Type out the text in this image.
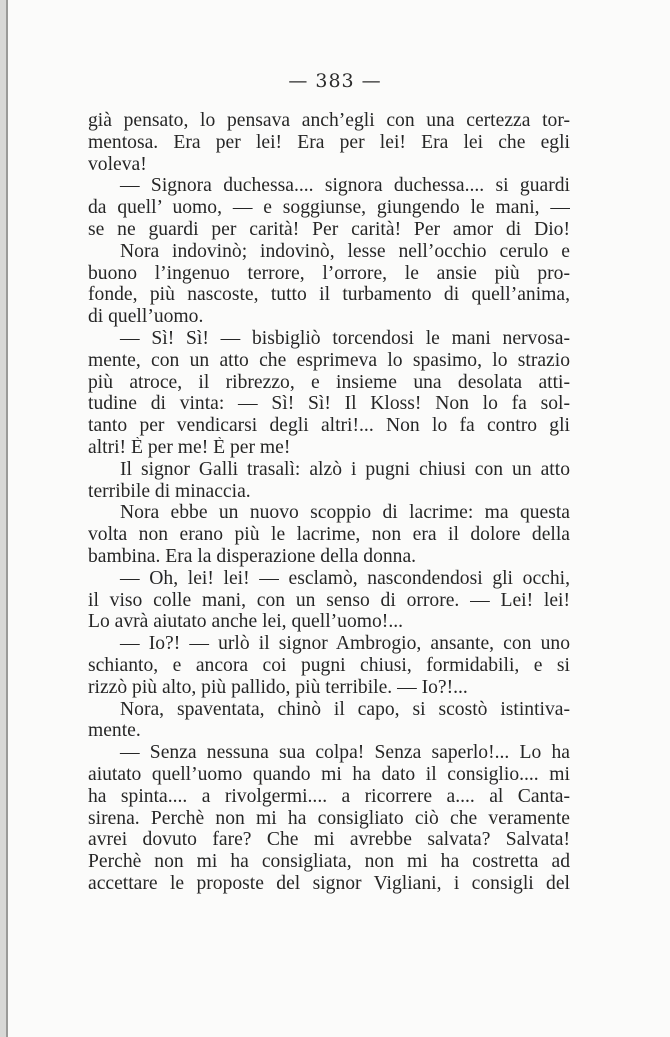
— 383 —
già pensato, lo pensava anch’egli con una certezza tor-
mentosa. Era per lei! Era per lei! Era lei che egli
voleva!
— Signora duchessa.... signora duchessa.... si guardi
da quell’ uomo, — e soggiunse, giungendo le mani, —
se ne guardi per carità! Per carità! Per amor di Dio!
Nora indovinò; indovinò, lesse nell’occhio cerulo e
buono l’ingenuo terrore, l’orrore, le ansie più pro-
fonde, più nascoste, tutto il turbamento di quell’anima,
di quell’uomo.
— Sì! Sì! — bisbigliò torcendosi le mani nervosa-
mente, con un atto che esprimeva lo spasimo, lo strazio
più atroce, il ribrezzo, e insieme una desolata atti-
tudine di vinta: — Sì! Sì! Il Kloss! Non lo fa sol-
tanto per vendicarsi degli altri!... Non lo fa contro gli
altri! È per me! È per me!
Il signor Galli trasalì: alzò i pugni chiusi con un atto
terribile di minaccia.
Nora ebbe un nuovo scoppio di lacrime: ma questa
volta non erano più le lacrime, non era il dolore della
bambina. Era la disperazione della donna.
— Oh, lei! lei! — esclamò, nascondendosi gli occhi,
il viso colle mani, con un senso di orrore. — Lei! lei!
Lo avrà aiutato anche lei, quell’uomo!...
— Io?! — urlò il signor Ambrogio, ansante, con uno
schianto, e ancora coi pugni chiusi, formidabili, e si
rizzò più alto, più pallido, più terribile. — Io?!...
Nora, spaventata, chinò il capo, si scostò istintiva-
mente.
— Senza nessuna sua colpa! Senza saperlo!... Lo ha
aiutato quell’uomo quando mi ha dato il consiglio.... mi
ha spinta.... a rivolgermi.... a ricorrere a.... al Canta-
sirena. Perchè non mi ha consigliato ciò che veramente
avrei dovuto fare? Che mi avrebbe salvata? Salvata!
Perchè non mi ha consigliata, non mi ha costretta ad
accettare le proposte del signor Vigliani, i consigli del
